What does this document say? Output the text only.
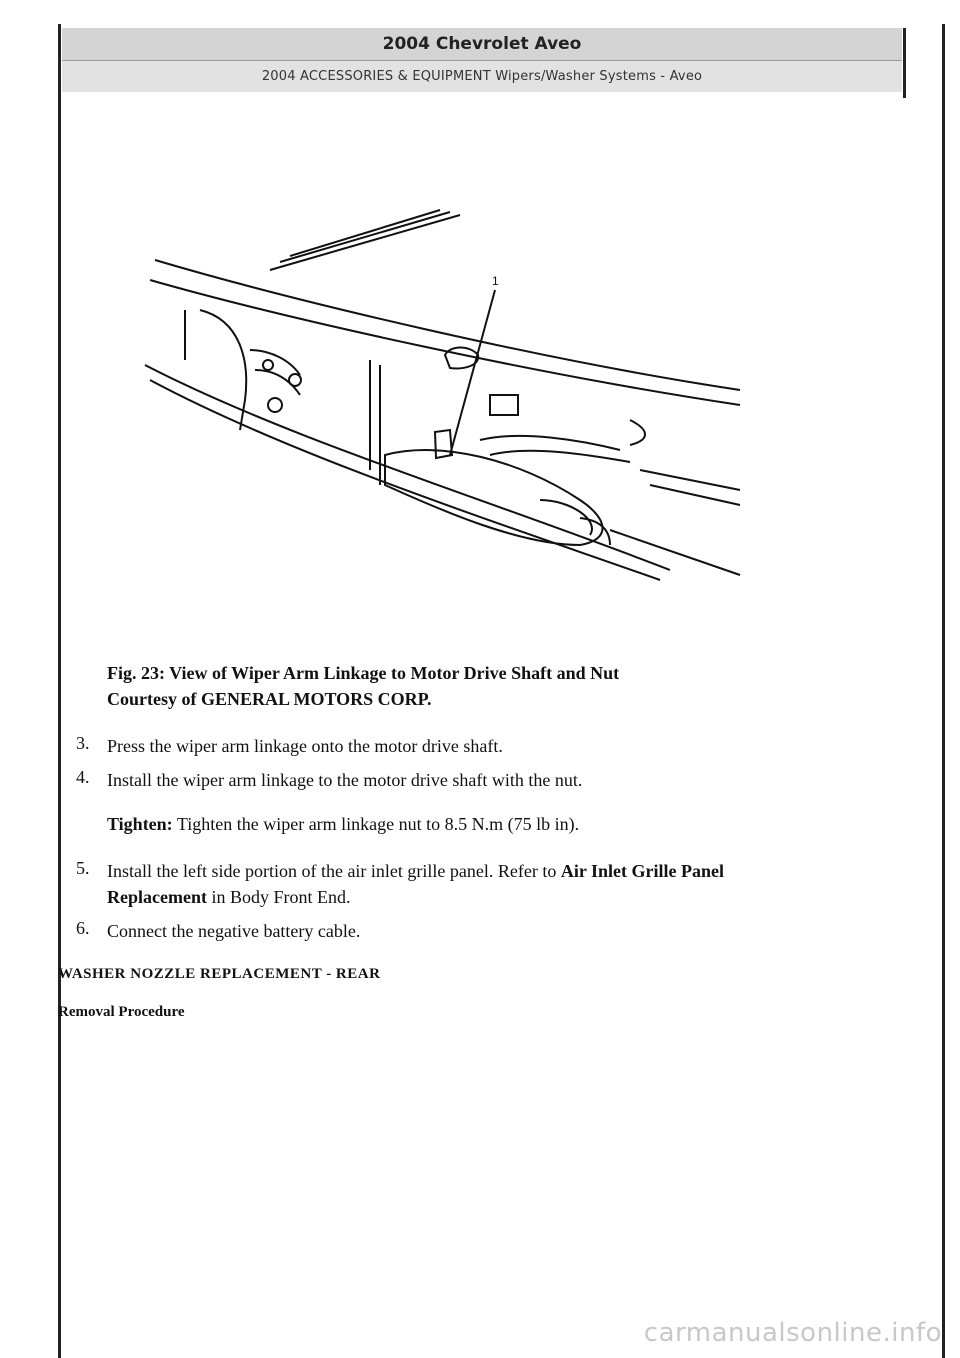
2004 Chevrolet Aveo
2004 ACCESSORIES & EQUIPMENT Wipers/Washer Systems - Aveo
1
Fig. 23: View of Wiper Arm Linkage to Motor Drive Shaft and Nut
Courtesy of GENERAL MOTORS CORP.
3. Press the wiper arm linkage onto the motor drive shaft.
4. Install the wiper arm linkage to the motor drive shaft with the nut.
Tighten: Tighten the wiper arm linkage nut to 8.5 N.m (75 lb in).
5. Install the left side portion of the air inlet grille panel. Refer to Air Inlet Grille Panel
Replacement in Body Front End.
6. Connect the negative battery cable.
WASHER NOZZLE REPLACEMENT - REAR
Removal Procedure
carmanualsonline.info
